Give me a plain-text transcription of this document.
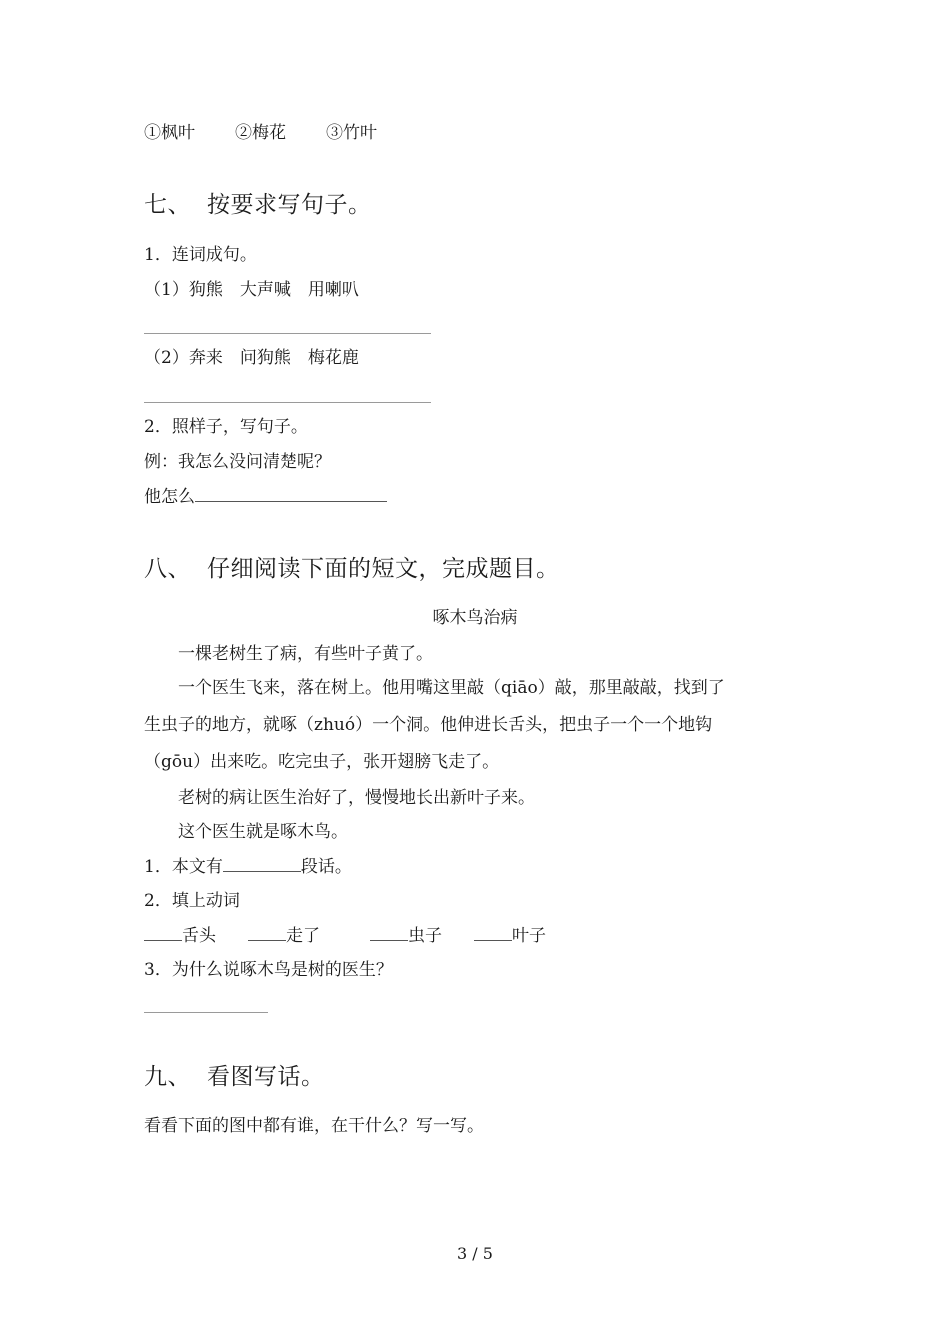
①枫叶 ②梅花 ③竹叶
七、 按要求写句子。
1．连词成句。
（1）狗熊　大声喊　用喇叭
（2）奔来　问狗熊　梅花鹿
2．照样子，写句子。
例：我怎么没问清楚呢？
他怎么
八、 仔细阅读下面的短文，完成题目。
啄木鸟治病
一棵老树生了病，有些叶子黄了。
一个医生飞来，落在树上。他用嘴这里敲（qiāo）敲，那里敲敲，找到了
生虫子的地方，就啄（zhuó）一个洞。他伸进长舌头，把虫子一个一个地钩
（gōu）出来吃。吃完虫子，张开翅膀飞走了。
老树的病让医生治好了，慢慢地长出新叶子来。
这个医生就是啄木鸟。
1．本文有	段话。
2．填上动词
舌头	走了	虫子	叶子
3．为什么说啄木鸟是树的医生？
九、 看图写话。
看看下面的图中都有谁，在干什么？写一写。
3 / 5
